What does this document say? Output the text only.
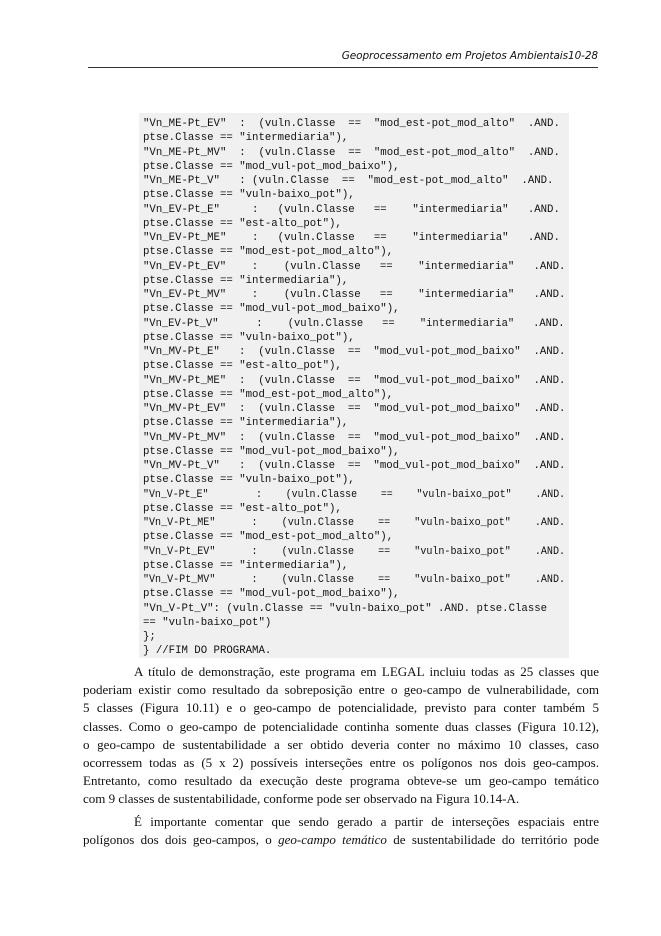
Geoprocessamento em Projetos Ambientais10-28
"Vn_ME-Pt_EV"  :  (vuln.Classe  ==  "mod_est-pot_mod_alto"  .AND.
ptse.Classe == "intermediaria"),
"Vn_ME-Pt_MV"  :  (vuln.Classe  ==  "mod_est-pot_mod_alto"  .AND.
ptse.Classe == "mod_vul-pot_mod_baixo"),
"Vn_ME-Pt_V"   : (vuln.Classe  ==  "mod_est-pot_mod_alto"  .AND.
ptse.Classe == "vuln-baixo_pot"),
"Vn_EV-Pt_E"     :   (vuln.Classe   ==    "intermediaria"   .AND.
ptse.Classe == "est-alto_pot"),
"Vn_EV-Pt_ME"    :   (vuln.Classe   ==    "intermediaria"   .AND.
ptse.Classe == "mod_est-pot_mod_alto"),
"Vn_EV-Pt_EV"    :    (vuln.Classe   ==    "intermediaria"   .AND.
ptse.Classe == "intermediaria"),
"Vn_EV-Pt_MV"    :    (vuln.Classe   ==    "intermediaria"   .AND.
ptse.Classe == "mod_vul-pot_mod_baixo"),
"Vn_EV-Pt_V"      :    (vuln.Classe   ==    "intermediaria"   .AND.
ptse.Classe == "vuln-baixo_pot"),
"Vn_MV-Pt_E"   :  (vuln.Classe  ==  "mod_vul-pot_mod_baixo"  .AND.
ptse.Classe == "est-alto_pot"),
"Vn_MV-Pt_ME"  :  (vuln.Classe  ==  "mod_vul-pot_mod_baixo"  .AND.
ptse.Classe == "mod_est-pot_mod_alto"),
"Vn_MV-Pt_EV"  :  (vuln.Classe  ==  "mod_vul-pot_mod_baixo"  .AND.
ptse.Classe == "intermediaria"),
"Vn_MV-Pt_MV"  :  (vuln.Classe  ==  "mod_vul-pot_mod_baixo"  .AND.
ptse.Classe == "mod_vul-pot_mod_baixo"),
"Vn_MV-Pt_V"   :  (vuln.Classe  ==  "mod_vul-pot_mod_baixo"  .AND.
ptse.Classe == "vuln-baixo_pot"),
"Vn_V-Pt_E"        :    (vuln.Classe    ==    "vuln-baixo_pot"    .AND.
ptse.Classe == "est-alto_pot"),
"Vn_V-Pt_ME"      :    (vuln.Classe    ==    "vuln-baixo_pot"    .AND.
ptse.Classe == "mod_est-pot_mod_alto"),
"Vn_V-Pt_EV"      :    (vuln.Classe    ==    "vuln-baixo_pot"    .AND.
ptse.Classe == "intermediaria"),
"Vn_V-Pt_MV"      :    (vuln.Classe    ==    "vuln-baixo_pot"    .AND.
ptse.Classe == "mod_vul-pot_mod_baixo"),
"Vn_V-Pt_V": (vuln.Classe == "vuln-baixo_pot" .AND. ptse.Classe
== "vuln-baixo_pot")
};
} //FIM DO PROGRAMA.
A título de demonstração, este programa em LEGAL incluiu todas as 25 classes que
poderiam existir como resultado da sobreposição entre o geo-campo de vulnerabilidade, com
5 classes (Figura 10.11) e o geo-campo de potencialidade, previsto para conter também 5
classes. Como o geo-campo de potencialidade continha somente duas classes (Figura 10.12),
o geo-campo de sustentabilidade a ser obtido deveria conter no máximo 10 classes, caso
ocorressem todas as (5 x 2) possíveis interseções entre os polígonos nos dois geo-campos.
Entretanto, como resultado da execução deste programa obteve-se um geo-campo temático
com 9 classes de sustentabilidade, conforme pode ser observado na Figura 10.14-A.
É importante comentar que sendo gerado a partir de interseções espaciais entre
polígonos dos dois geo-campos, o geo-campo temático de sustentabilidade do território pode
